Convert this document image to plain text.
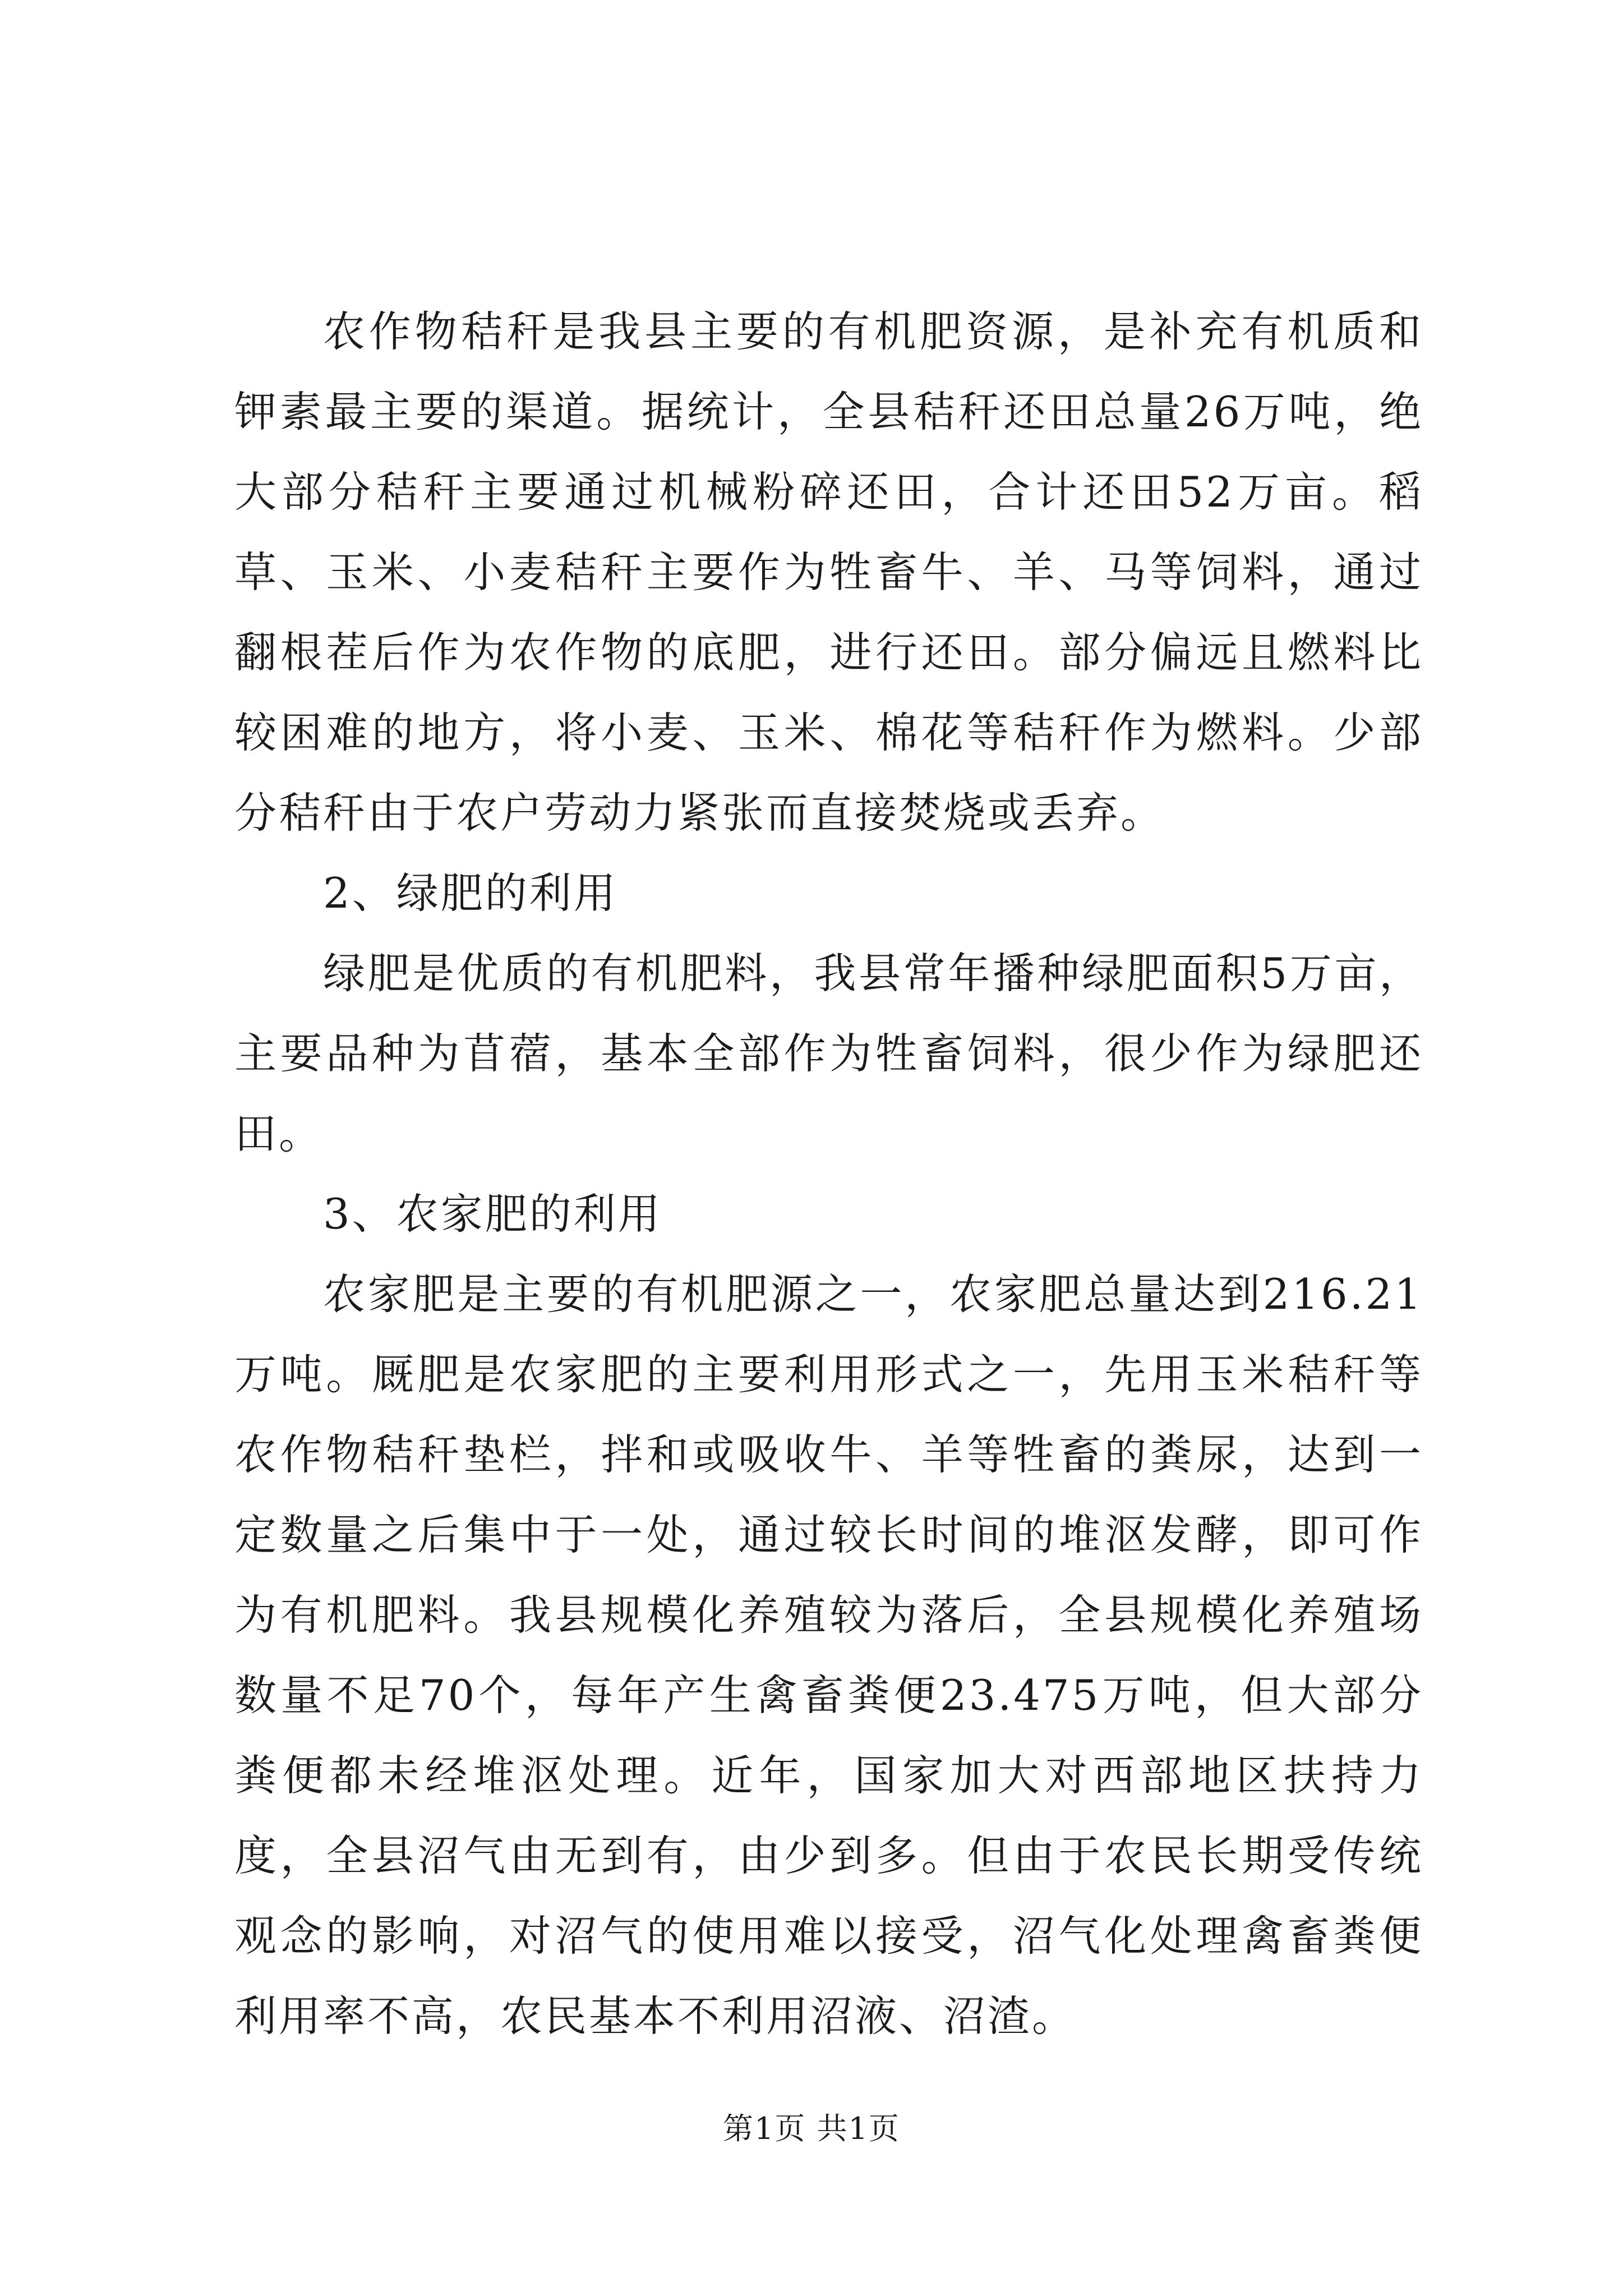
农作物秸秆是我县主要的有机肥资源，是补充有机质和钾素最主要的渠道。据统计，全县秸秆还田总量26万吨，绝大部分秸秆主要通过机械粉碎还田，合计还田52万亩。稻草、玉米、小麦秸秆主要作为牲畜牛、羊、马等饲料，通过翻根茬后作为农作物的底肥，进行还田。部分偏远且燃料比较困难的地方，将小麦、玉米、棉花等秸秆作为燃料。少部分秸秆由于农户劳动力紧张而直接焚烧或丢弃。

2、绿肥的利用

绿肥是优质的有机肥料，我县常年播种绿肥面积5万亩，主要品种为苜蓿，基本全部作为牲畜饲料，很少作为绿肥还田。

3、农家肥的利用

农家肥是主要的有机肥源之一，农家肥总量达到216.21万吨。厩肥是农家肥的主要利用形式之一，先用玉米秸秆等农作物秸秆垫栏，拌和或吸收牛、羊等牲畜的粪尿，达到一定数量之后集中于一处，通过较长时间的堆沤发酵，即可作为有机肥料。我县规模化养殖较为落后，全县规模化养殖场数量不足70个，每年产生禽畜粪便23.475万吨，但大部分粪便都未经堆沤处理。近年，国家加大对西部地区扶持力度，全县沼气由无到有，由少到多。但由于农民长期受传统观念的影响，对沼气的使用难以接受，沼气化处理禽畜粪便利用率不高，农民基本不利用沼液、沼渣。

第1页 共1页
